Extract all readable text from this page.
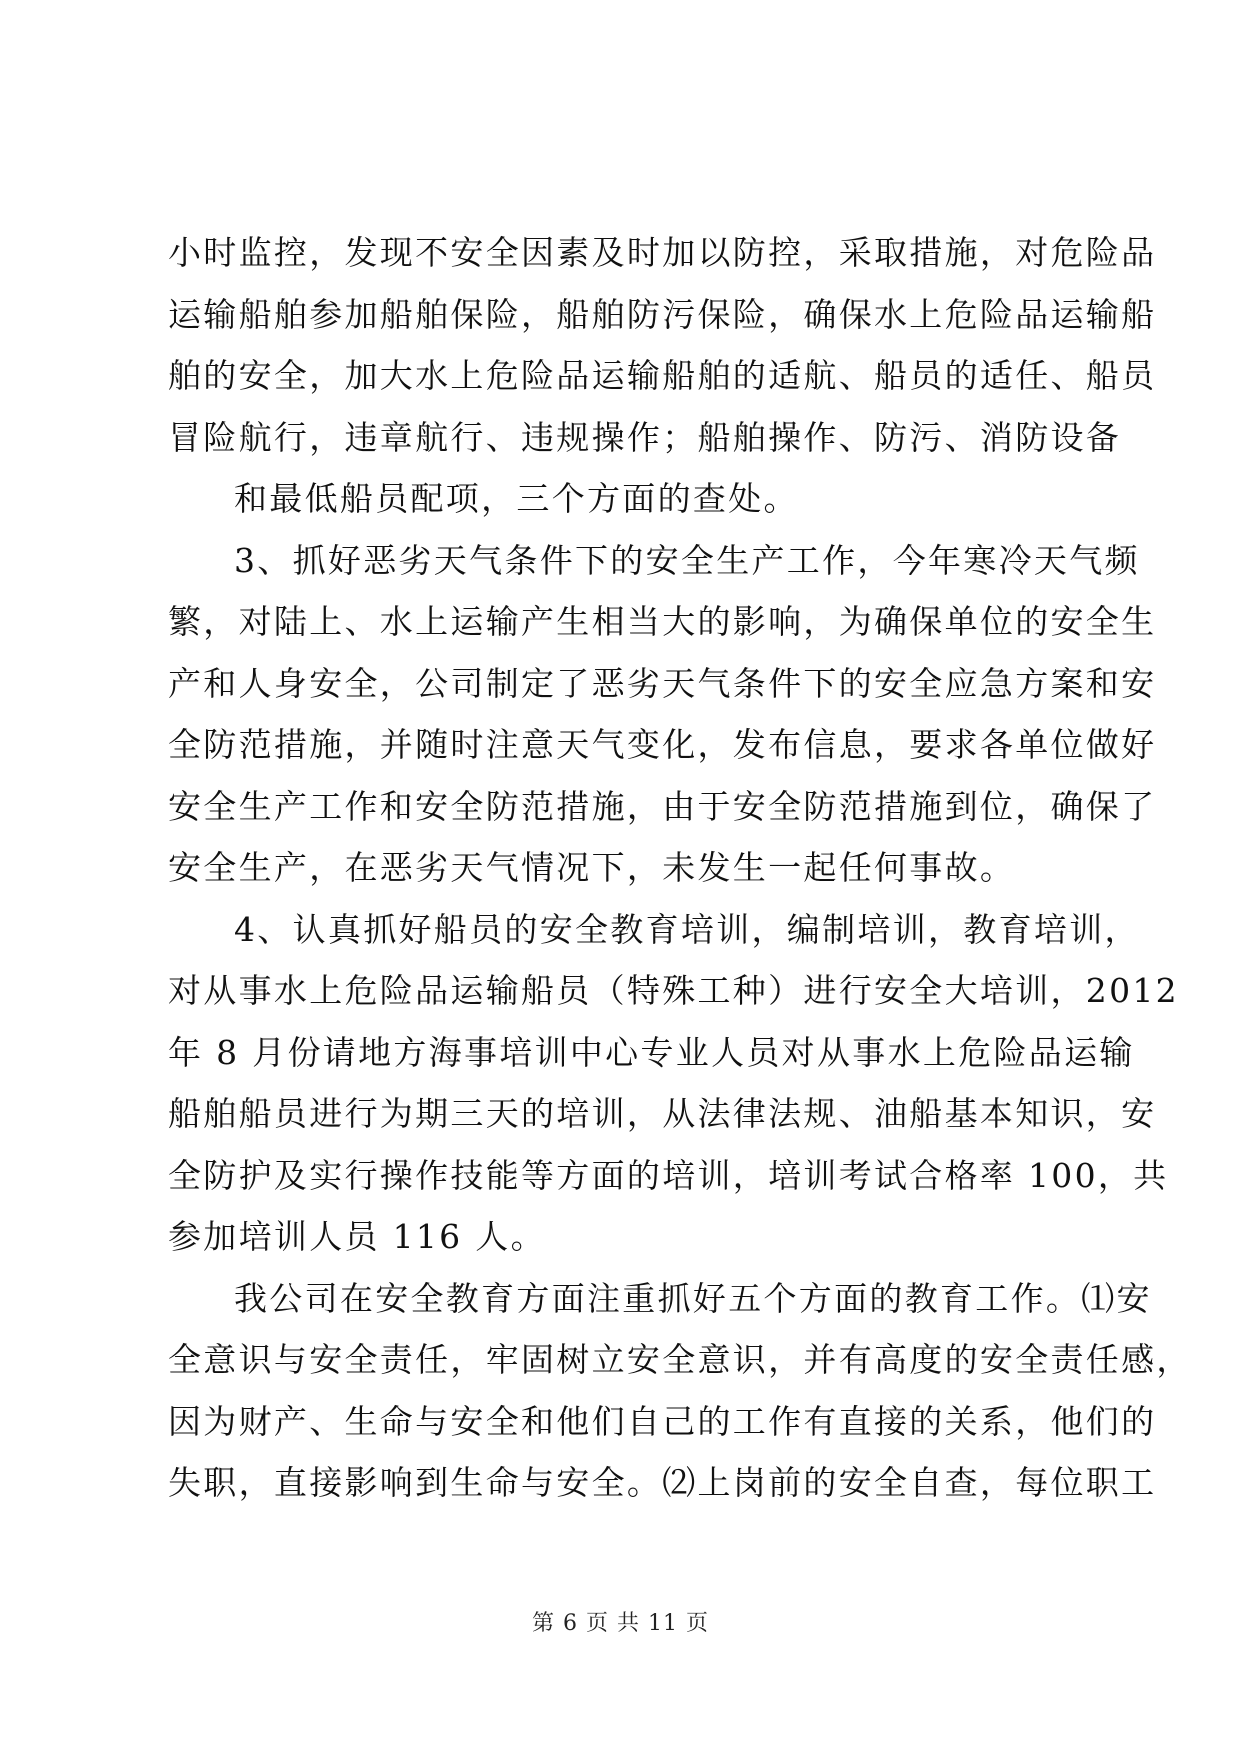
小时监控，发现不安全因素及时加以防控，采取措施，对危险品
运输船舶参加船舶保险，船舶防污保险，确保水上危险品运输船
舶的安全，加大水上危险品运输船舶的适航、船员的适任、船员
冒险航行，违章航行、违规操作；船舶操作、防污、消防设备
和最低船员配项，三个方面的查处。
3、抓好恶劣天气条件下的安全生产工作，今年寒冷天气频
繁，对陆上、水上运输产生相当大的影响，为确保单位的安全生
产和人身安全，公司制定了恶劣天气条件下的安全应急方案和安
全防范措施，并随时注意天气变化，发布信息，要求各单位做好
安全生产工作和安全防范措施，由于安全防范措施到位，确保了
安全生产，在恶劣天气情况下，未发生一起任何事故。
4、认真抓好船员的安全教育培训，编制培训，教育培训，
对从事水上危险品运输船员（特殊工种）进行安全大培训，2012
年 8 月份请地方海事培训中心专业人员对从事水上危险品运输
船舶船员进行为期三天的培训，从法律法规、油船基本知识，安
全防护及实行操作技能等方面的培训，培训考试合格率 100，共
参加培训人员 116 人。
我公司在安全教育方面注重抓好五个方面的教育工作。⑴安
全意识与安全责任，牢固树立安全意识，并有高度的安全责任感，
因为财产、生命与安全和他们自己的工作有直接的关系，他们的
失职，直接影响到生命与安全。⑵上岗前的安全自查，每位职工
第 6 页 共 11 页
